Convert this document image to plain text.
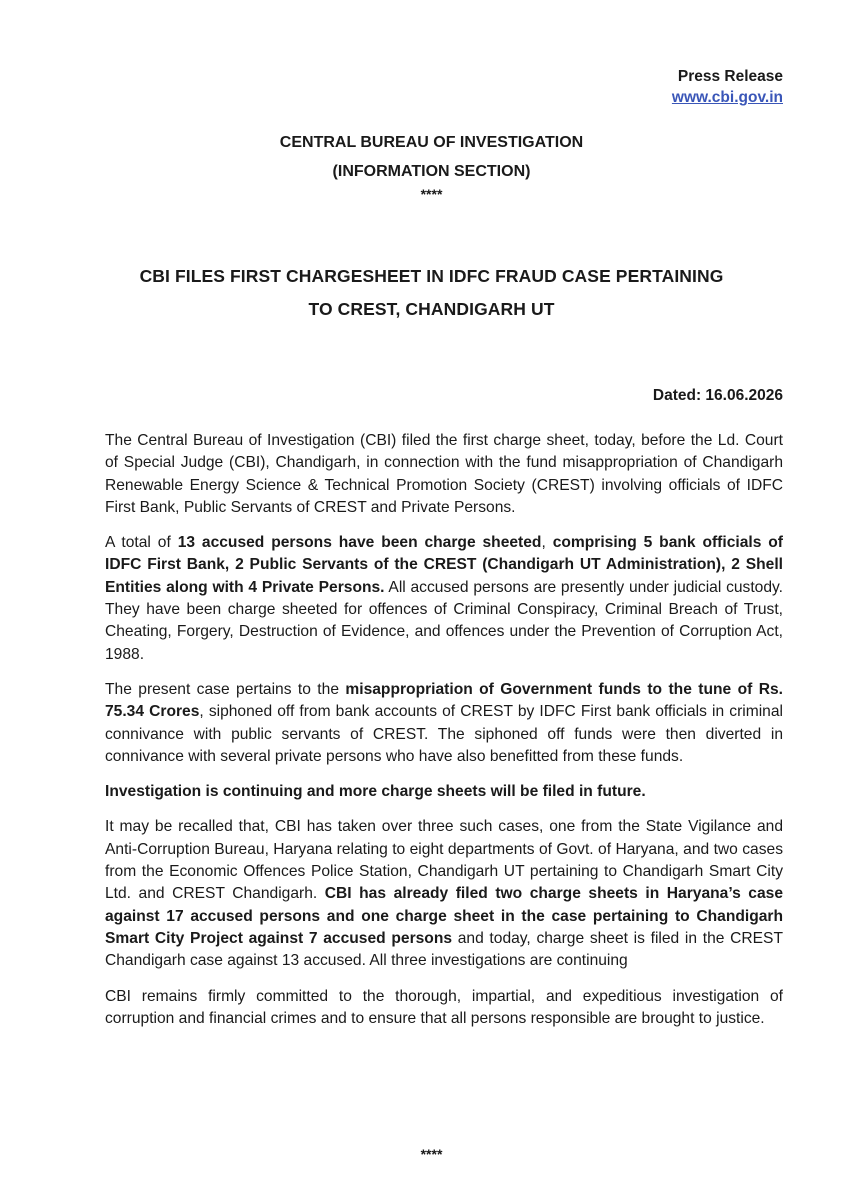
Press Release
www.cbi.gov.in
CENTRAL BUREAU OF INVESTIGATION
(INFORMATION SECTION)
****
CBI FILES FIRST CHARGESHEET IN IDFC FRAUD CASE PERTAINING
TO CREST, CHANDIGARH UT
Dated: 16.06.2026

The Central Bureau of Investigation (CBI) filed the first charge sheet, today, before the Ld. Court of Special Judge (CBI), Chandigarh, in connection with the fund misappropriation of Chandigarh Renewable Energy Science & Technical Promotion Society (CREST) involving officials of IDFC First Bank, Public Servants of CREST and Private Persons.

A total of 13 accused persons have been charge sheeted, comprising 5 bank officials of IDFC First Bank, 2 Public Servants of the CREST (Chandigarh UT Administration), 2 Shell Entities along with 4 Private Persons. All accused persons are presently under judicial custody. They have been charge sheeted for offences of Criminal Conspiracy, Criminal Breach of Trust, Cheating, Forgery, Destruction of Evidence, and offences under the Prevention of Corruption Act, 1988.

The present case pertains to the misappropriation of Government funds to the tune of Rs. 75.34 Crores, siphoned off from bank accounts of CREST by IDFC First bank officials in criminal connivance with public servants of CREST. The siphoned off funds were then diverted in connivance with several private persons who have also benefitted from these funds.

Investigation is continuing and more charge sheets will be filed in future.

It may be recalled that, CBI has taken over three such cases, one from the State Vigilance and Anti-Corruption Bureau, Haryana relating to eight departments of Govt. of Haryana, and two cases from the Economic Offences Police Station, Chandigarh UT pertaining to Chandigarh Smart City Ltd. and CREST Chandigarh. CBI has already filed two charge sheets in Haryana’s case against 17 accused persons and one charge sheet in the case pertaining to Chandigarh Smart City Project against 7 accused persons and today, charge sheet is filed in the CREST Chandigarh case against 13 accused. All three investigations are continuing

CBI remains firmly committed to the thorough, impartial, and expeditious investigation of corruption and financial crimes and to ensure that all persons responsible are brought to justice.

****
